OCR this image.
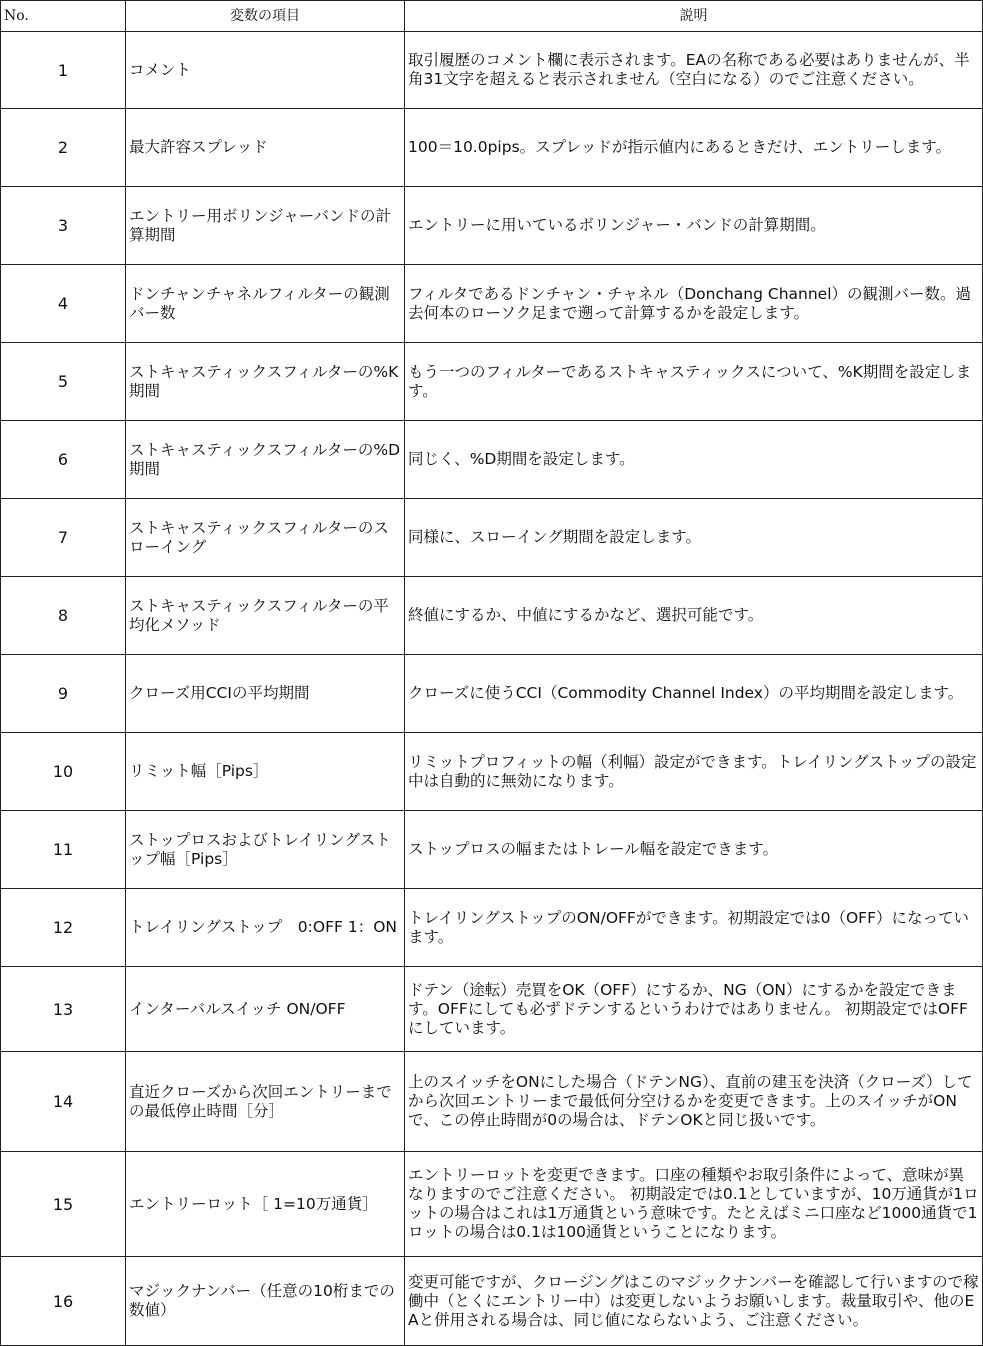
No.	変数の項目	説明
1	コメント	取引履歴のコメント欄に表示されます。EAの名称である必要はありませんが、半角31文字を超えると表示されません（空白になる）のでご注意ください。
2	最大許容スプレッド	100＝10.0pips。スプレッドが指示値内にあるときだけ、エントリーします。
3	エントリー用ボリンジャーバンドの計算期間	エントリーに用いているボリンジャー・バンドの計算期間。
4	ドンチャンチャネルフィルターの観測バー数	フィルタであるドンチャン・チャネル（Donchang Channel）の観測バー数。過去何本のローソク足まで遡って計算するかを設定します。
5	ストキャスティックスフィルターの%K期間	もう一つのフィルターであるストキャスティックスについて、%K期間を設定します。
6	ストキャスティックスフィルターの%D期間	同じく、%D期間を設定します。
7	ストキャスティックスフィルターのスローイング	同様に、スローイング期間を設定します。
8	ストキャスティックスフィルターの平均化メソッド	終値にするか、中値にするかなど、選択可能です。
9	クローズ用CCIの平均期間	クローズに使うCCI（Commodity Channel Index）の平均期間を設定します。
10	リミット幅［Pips］	リミットプロフィットの幅（利幅）設定ができます。トレイリングストップの設定中は自動的に無効になります。
11	ストップロスおよびトレイリングストップ幅［Pips］	ストップロスの幅またはトレール幅を設定できます。
12	トレイリングストップ　0:OFF 1：ON	トレイリングストップのON/OFFができます。初期設定では0（OFF）になっています。
13	インターバルスイッチ ON/OFF	ドテン（途転）売買をOK（OFF）にするか、NG（ON）にするかを設定できます。OFFにしても必ずドテンするというわけではありません。 初期設定ではOFFにしています。
14	直近クローズから次回エントリーまでの最低停止時間［分］	上のスイッチをONにした場合（ドテンNG）、直前の建玉を決済（クローズ）してから次回エントリーまで最低何分空けるかを変更できます。上のスイッチがONで、この停止時間が0の場合は、ドテンOKと同じ扱いです。
15	エントリーロット［ 1=10万通貨］	エントリーロットを変更できます。口座の種類やお取引条件によって、意味が異なりますのでご注意ください。 初期設定では0.1としていますが、10万通貨が1ロットの場合はこれは1万通貨という意味です。たとえばミニ口座など1000通貨で1ロットの場合は0.1は100通貨ということになります。
16	マジックナンバー（任意の10桁までの数値）	変更可能ですが、クロージングはこのマジックナンバーを確認して行いますので稼働中（とくにエントリー中）は変更しないようお願いします。裁量取引や、他のEAと併用される場合は、同じ値にならないよう、ご注意ください。
